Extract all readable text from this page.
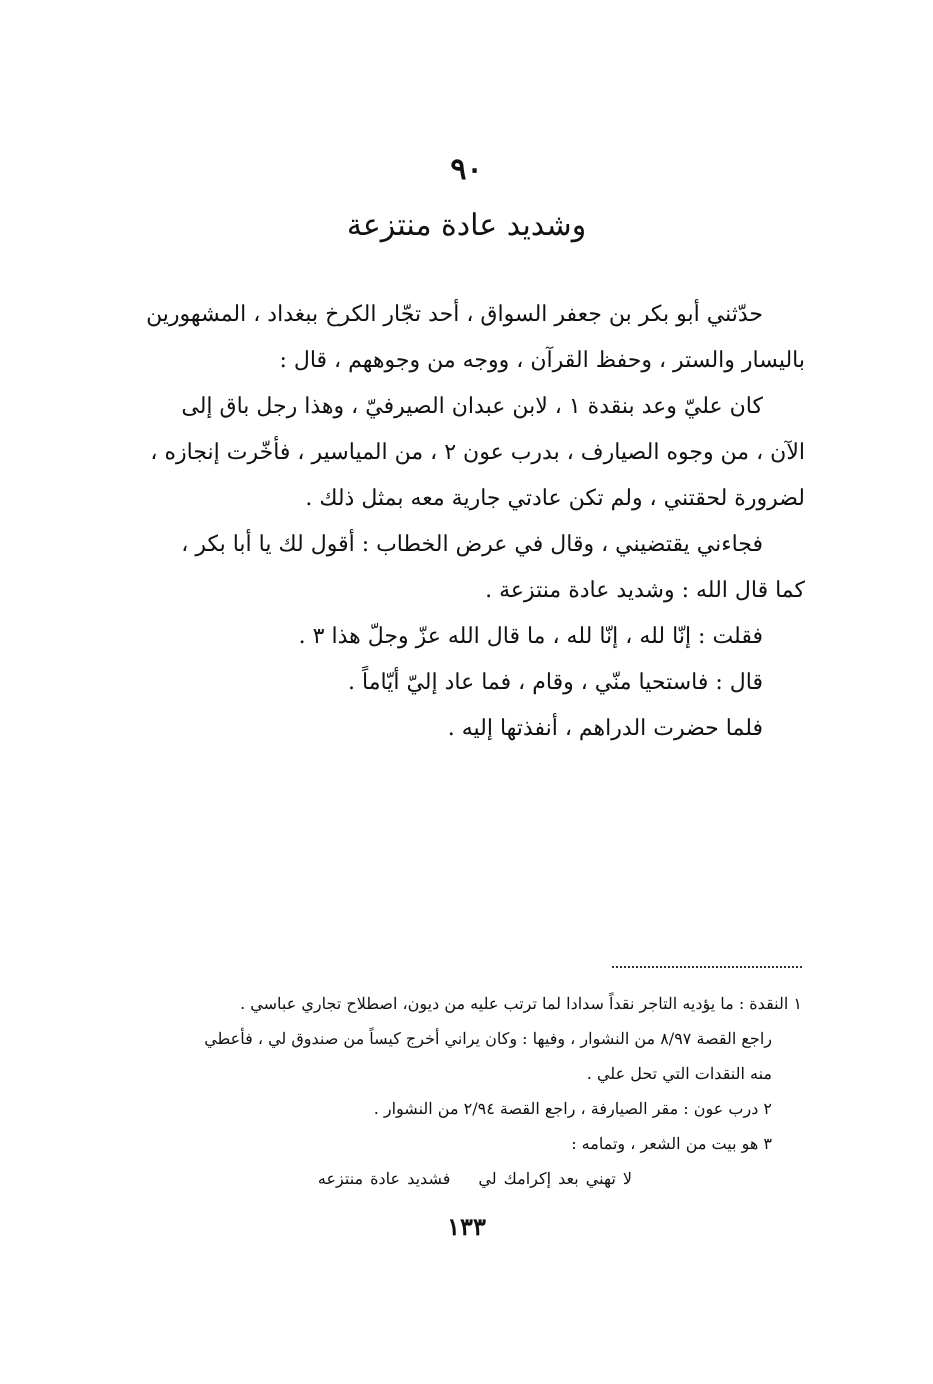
٩٠
وشديد عادة منتزعة
حدّثني أبو بكر بن جعفر السواق ، أحد تجّار الكرخ ببغداد ، المشهورين
باليسار والستر ، وحفظ القرآن ، ووجه من وجوههم ، قال :
كان عليّ وعد بنقدة ١ ، لابن عبدان الصيرفيّ ، وهذا رجل باق إلى
الآن ، من وجوه الصيارف ، بدرب عون ٢ ، من المياسير ، فأخّرت إنجازه ،
لضرورة لحقتني ، ولم تكن عادتي جارية معه بمثل ذلك .
فجاءني يقتضيني ، وقال في عرض الخطاب : أقول لك يا أبا بكر ،
كما قال الله : وشديد عادة منتزعة .
فقلت : إنّا لله ، إنّا لله ، ما قال الله عزّ وجلّ هذا ٣ .
قال : فاستحيا منّي ، وقام ، فما عاد إليّ أيّاماً .
فلما حضرت الدراهم ، أنفذتها إليه .
١ النقدة : ما يؤديه التاجر نقداً سدادا لما ترتب عليه من ديون، اصطلاح تجاري عباسي .
راجع القصة ٨/٩٧ من النشوار ، وفيها : وكان يراني أخرج كيساً من صندوق لي ، فأعطي
منه النقدات التي تحل علي .
٢ درب عون : مقر الصيارفة ، راجع القصة ٢/٩٤ من النشوار .
٣ هو بيت من الشعر ، وتمامه :
لا تهني بعد إكرامك ليفشديد عادة منتزعه
١٣٣
